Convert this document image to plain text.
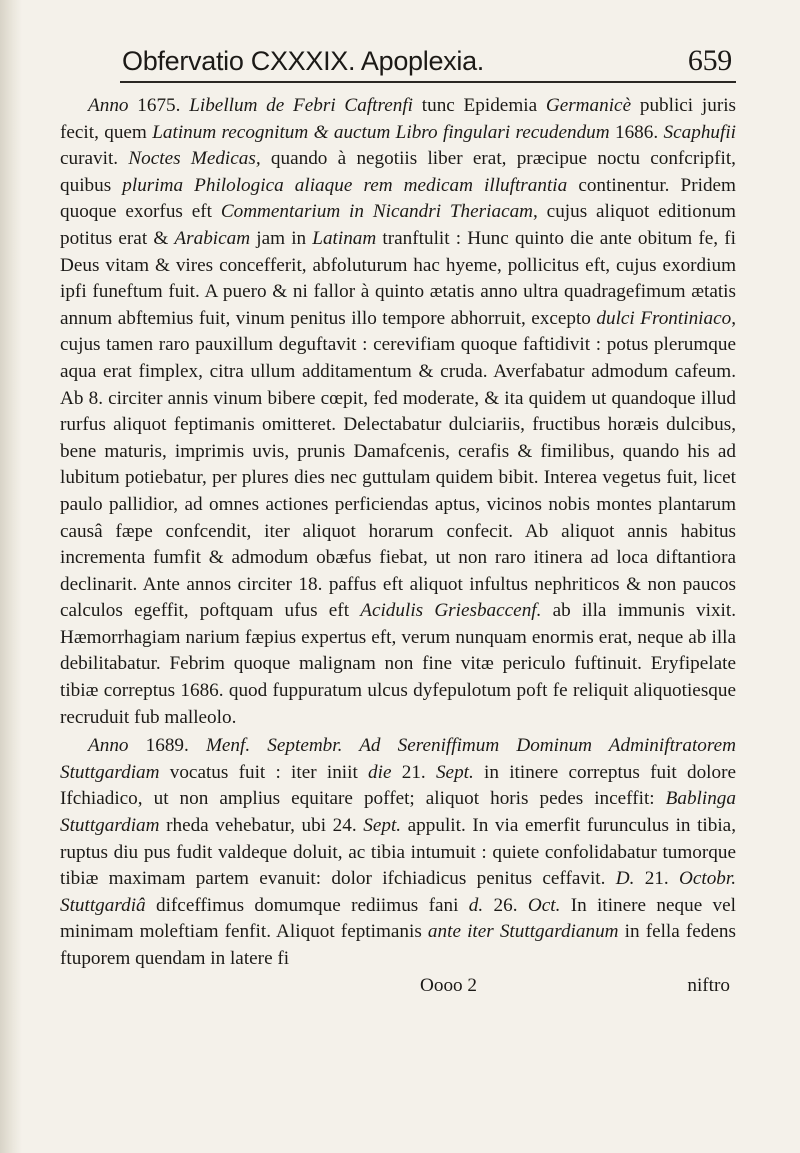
Obfervatio CXXXIX. Apoplexia.	659

Anno 1675. Libellum de Febri Caftrenfi tunc Epidemia Germanicè publici juris fecit, quem Latinum recognitum & auctum Libro fingulari recudendum 1686. Scaphufii curavit. Noctes Medicas, quando à negotiis liber erat, præcipue noctu confcripfit, quibus plurima Philologica aliaque rem medicam illuftrantia continentur. Pridem quoque exorfus eft Commentarium in Nicandri Theriacam, cujus aliquot editionum potitus erat & Arabicam jam in Latinam tranftulit : Hunc quinto die ante obitum fe, fi Deus vitam & vires concefferit, abfoluturum hac hyeme, pollicitus eft, cujus exordium ipfi funeftum fuit. A puero & ni fallor à quinto ætatis anno ultra quadragefimum ætatis annum abftemius fuit, vinum penitus illo tempore abhorruit, excepto dulci Frontiniaco, cujus tamen raro pauxillum deguftavit : cerevifiam quoque faftidivit : potus plerumque aqua erat fimplex, citra ullum additamentum & cruda. Averfabatur admodum cafeum. Ab 8. circiter annis vinum bibere cœpit, fed moderate, & ita quidem ut quandoque illud rurfus aliquot feptimanis omitteret. Delectabatur dulciariis, fructibus horæis dulcibus, bene maturis, imprimis uvis, prunis Damafcenis, cerafis & fimilibus, quando his ad lubitum potiebatur, per plures dies nec guttulam quidem bibit. Interea vegetus fuit, licet paulo pallidior, ad omnes actiones perficiendas aptus, vicinos nobis montes plantarum causâ fæpe confcendit, iter aliquot horarum confecit. Ab aliquot annis habitus incrementa fumfit & admodum obæfus fiebat, ut non raro itinera ad loca diftantiora declinarit. Ante annos circiter 18. paffus eft aliquot infultus nephriticos & non paucos calculos egeffit, poftquam ufus eft Acidulis Griesbaccenf. ab illa immunis vixit. Hæmorrhagiam narium fæpius expertus eft, verum nunquam enormis erat, neque ab illa debilitabatur. Febrim quoque malignam non fine vitæ periculo fuftinuit. Eryfipelate tibiæ correptus 1686. quod fuppuratum ulcus dyfepulotum poft fe reliquit aliquotiesque recruduit fub malleolo.

Anno 1689. Menf. Septembr. Ad Sereniffimum Dominum Adminiftratorem Stuttgardiam vocatus fuit : iter iniit die 21. Sept. in itinere correptus fuit dolore Ifchiadico, ut non amplius equitare poffet; aliquot horis pedes inceffit: Bablinga Stuttgardiam rheda vehebatur, ubi 24. Sept. appulit. In via emerfit furunculus in tibia, ruptus diu pus fudit valdeque doluit, ac tibia intumuit : quiete confolidabatur tumorque tibiæ maximam partem evanuit: dolor ifchiadicus penitus ceffavit. D. 21. Octobr. Stuttgardiâ difceffimus domumque rediimus fani d. 26. Oct. In itinere neque vel minimam moleftiam fenfit. Aliquot feptimanis ante iter Stuttgardianum in fella fedens ftuporem quendam in latere fi

Oooo 2	niftro
